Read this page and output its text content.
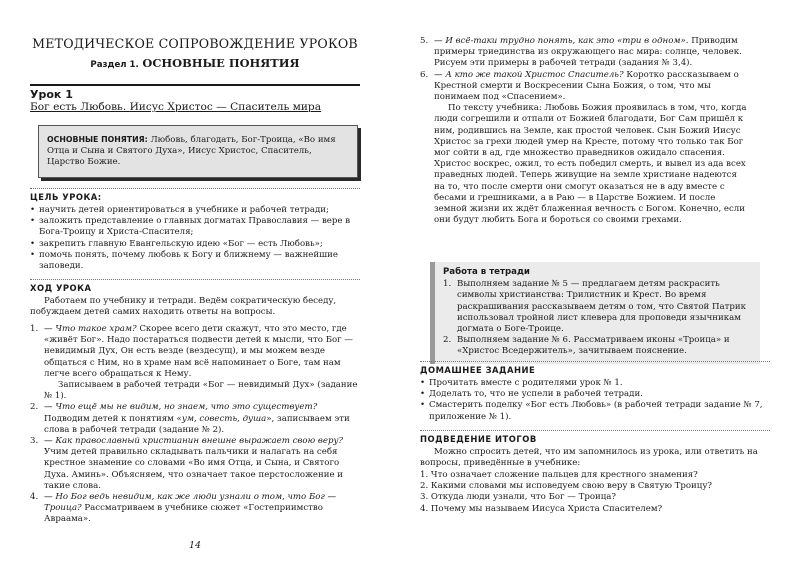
МЕТОДИЧЕСКОЕ СОПРОВОЖДЕНИЕ УРОКОВ
Раздел 1. ОСНОВНЫЕ ПОНЯТИЯ
Урок 1

Бог есть Любовь. Иисус Христос — Спаситель мира

ОСНОВНЫЕ ПОНЯТИЯ: Любовь, благодать, Бог-Троица, «Во имя Отца и Сына и Святого Духа», Иисус Христос, Спаситель, Царство Божие.

ЦЕЛЬ УРОКА:

• научить детей ориентироваться в учебнике и рабочей тетради;
• заложить представление о главных догматах Православия — вере в Бога-Троицу и Христа-Спасителя;
• закрепить главную Евангельскую идею «Бог — есть Любовь»;
• помочь понять, почему любовь к Богу и ближнему — важнейшие заповеди.

ХОД УРОКА

Работаем по учебнику и тетради. Ведём сократическую беседу, побуждаем детей самих находить ответы на вопросы.

1. — Что такое храм? Скорее всего дети скажут, что это место, где «живёт Бог». Надо постараться подвести детей к мысли, что Бог — невидимый Дух, Он есть везде (вездесущ), и мы можем везде общаться с Ним, но в храме нам всё напоминает о Боге, там нам легче всего обращаться к Нему.
Записываем в рабочей тетради «Бог — невидимый Дух» (задание № 1).
2. — Что ещё мы не видим, но знаем, что это существует? Подводим детей к понятиям «ум, совесть, душа», записываем эти слова в рабочей тетради (задание № 2).
3. — Как православный христианин внешне выражает свою веру? Учим детей правильно складывать пальчики и налагать на себя крестное знамение со словами «Во имя Отца, и Сына, и Святого Духа. Аминь». Объясняем, что означает такое перстосложение и такие слова.
4. — Но Бог ведь невидим, как же люди узнали о том, что Бог — Троица? Рассматриваем в учебнике сюжет «Гостеприимство Авраама».
14
5. — И всё-таки трудно понять, как это «три в одном». Приводим примеры триединства из окружающего нас мира: солнце, человек. Рисуем эти примеры в рабочей тетради (задания № 3,4).
6. — А кто же такой Христос Спаситель? Коротко рассказываем о Крестной смерти и Воскресении Сына Божия, о том, что мы понимаем под «Спасением».
По тексту учебника: Любовь Божия проявилась в том, что, когда люди согрешили и отпали от Божией благодати, Бог Сам пришёл к ним, родившись на Земле, как простой человек. Сын Божий Иисус Христос за грехи людей умер на Кресте, потому что только так Бог мог сойти в ад, где множество праведников ожидало спасения. Христос воскрес, ожил, то есть победил смерть, и вывел из ада всех праведных людей. Теперь живущие на земле христиане надеются на то, что после смерти они смогут оказаться не в аду вместе с бесами и грешниками, а в Раю — в Царстве Божием. И после земной жизни их ждёт блаженная вечность с Богом. Конечно, если они будут любить Бога и бороться со своими грехами.

Работа в тетради

1. Выполняем задание № 5 — предлагаем детям раскрасить символы христианства: Трилистник и Крест. Во время раскрашивания рассказываем детям о том, что Святой Патрик использовал тройной лист клевера для проповеди язычникам догмата о Боге-Троице.
2. Выполняем задание № 6. Рассматриваем иконы «Троица» и «Христос Вседержитель», зачитываем пояснение.

ДОМАШНЕЕ ЗАДАНИЕ

• Прочитать вместе с родителями урок № 1.
• Доделать то, что не успели в рабочей тетради.
• Смастерить поделку «Бог есть Любовь» (в рабочей тетради задание № 7, приложение № 1).

ПОДВЕДЕНИЕ ИТОГОВ

Можно спросить детей, что им запомнилось из урока, или ответить на вопросы, приведённые в учебнике:

1. Что означает сложение пальцев для крестного знамения?
2. Какими словами мы исповедуем свою веру в Святую Троицу?
3. Откуда люди узнали, что Бог — Троица?
4. Почему мы называем Иисуса Христа Спасителем?
